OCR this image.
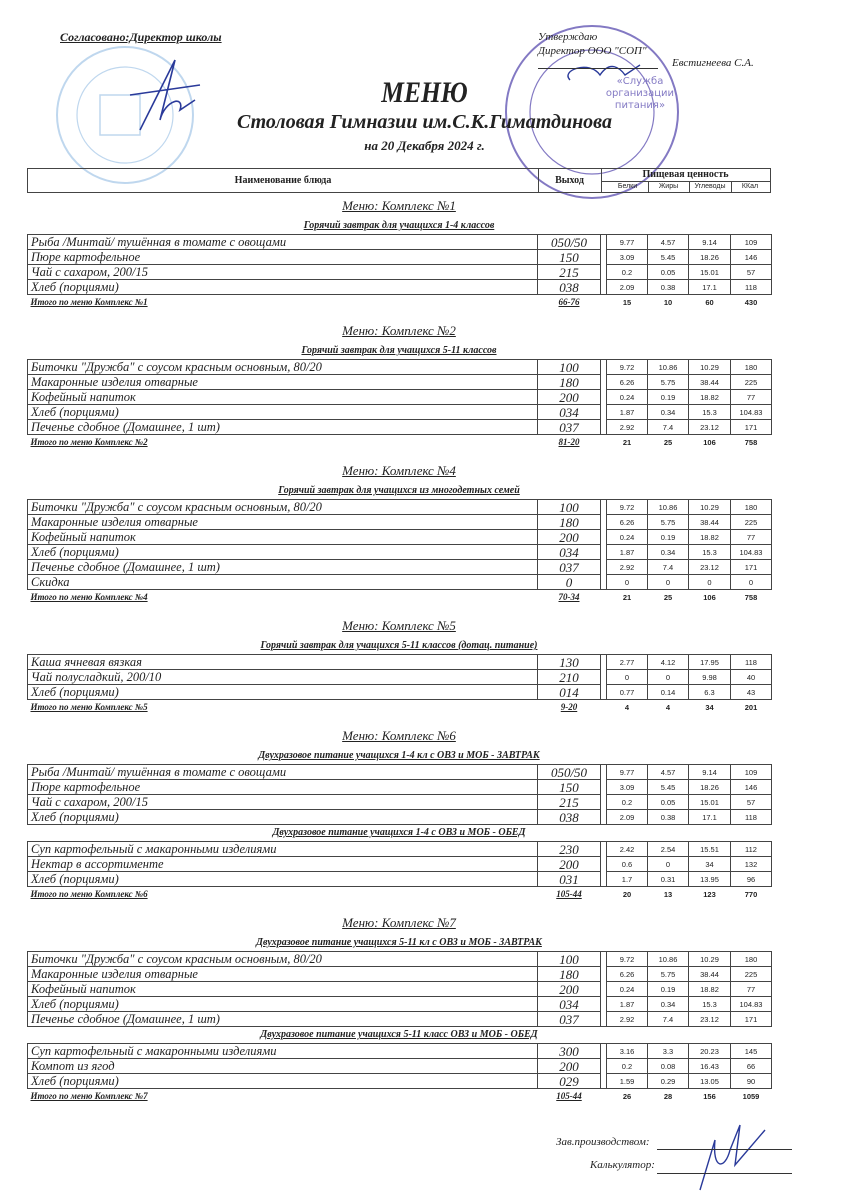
«Служба
организации
питания»
Согласовано:Директор школы	Утверждаю
Директор ООО "СОП"
Евстигнеева С.А.
МЕНЮ
Столовая Гимназии им.С.К.Гиматдинова
на 20 Декабря 2024 г.
Наименование блюда	Выход
Пищевая ценность
Белки	Жиры	Углеводы	ККал
Меню: Комплекс №1
Горячий завтрак для учащихся 1-4 классов
Рыба /Минтай/ тушённая в томате с овощами	050/50		9.77	4.57	9.14	109
Пюре картофельное	150		3.09	5.45	18.26	146
Чай с сахаром, 200/15	215		0.2	0.05	15.01	57
Хлеб (порциями)	038		2.09	0.38	17.1	118
Итого по меню Комплекс №1	66-76		15	10	60	430
Меню: Комплекс №2
Горячий завтрак для учащихся 5-11 классов
Биточки "Дружба" с соусом красным основным, 80/20	100		9.72	10.86	10.29	180
Макаронные изделия отварные	180		6.26	5.75	38.44	225
Кофейный напиток	200		0.24	0.19	18.82	77
Хлеб (порциями)	034		1.87	0.34	15.3	104.83
Печенье сдобное (Домашнее, 1 шт)	037		2.92	7.4	23.12	171
Итого по меню Комплекс №2	81-20		21	25	106	758
Меню: Комплекс №4
Горячий завтрак для учащихся из многодетных семей
Биточки "Дружба" с соусом красным основным, 80/20	100		9.72	10.86	10.29	180
Макаронные изделия отварные	180		6.26	5.75	38.44	225
Кофейный напиток	200		0.24	0.19	18.82	77
Хлеб (порциями)	034		1.87	0.34	15.3	104.83
Печенье сдобное (Домашнее, 1 шт)	037		2.92	7.4	23.12	171
Скидка	0		0	0	0	0
Итого по меню Комплекс №4	70-34		21	25	106	758
Меню: Комплекс №5
Горячий завтрак для учащихся 5-11 классов (дотац. питание)
Каша ячневая вязкая	130		2.77	4.12	17.95	118
Чай полусладкий, 200/10	210		0	0	9.98	40
Хлеб (порциями)	014		0.77	0.14	6.3	43
Итого по меню Комплекс №5	9-20		4	4	34	201
Меню: Комплекс №6
Двухразовое питание учащихся 1-4 кл с ОВЗ и МОБ - ЗАВТРАК
Рыба /Минтай/ тушённая в томате с овощами	050/50		9.77	4.57	9.14	109
Пюре картофельное	150		3.09	5.45	18.26	146
Чай с сахаром, 200/15	215		0.2	0.05	15.01	57
Хлеб (порциями)	038		2.09	0.38	17.1	118
Двухразовое питание учащихся 1-4 с ОВЗ и МОБ - ОБЕД
Суп картофельный с макаронными изделиями	230		2.42	2.54	15.51	112
Нектар в ассортименте	200		0.6	0	34	132
Хлеб (порциями)	031		1.7	0.31	13.95	96
Итого по меню Комплекс №6	105-44		20	13	123	770
Меню: Комплекс №7
Двухразовое питание учащихся 5-11 кл с ОВЗ и МОБ - ЗАВТРАК
Биточки "Дружба" с соусом красным основным, 80/20	100		9.72	10.86	10.29	180
Макаронные изделия отварные	180		6.26	5.75	38.44	225
Кофейный напиток	200		0.24	0.19	18.82	77
Хлеб (порциями)	034		1.87	0.34	15.3	104.83
Печенье сдобное (Домашнее, 1 шт)	037		2.92	7.4	23.12	171
Двухразовое питание учащихся 5-11 класс ОВЗ и МОБ - ОБЕД
Суп картофельный с макаронными изделиями	300		3.16	3.3	20.23	145
Компот из ягод	200		0.2	0.08	16.43	66
Хлеб (порциями)	029		1.59	0.29	13.05	90
Итого по меню Комплекс №7	105-44		26	28	156	1059
Зав.производством:
Калькулятор:
